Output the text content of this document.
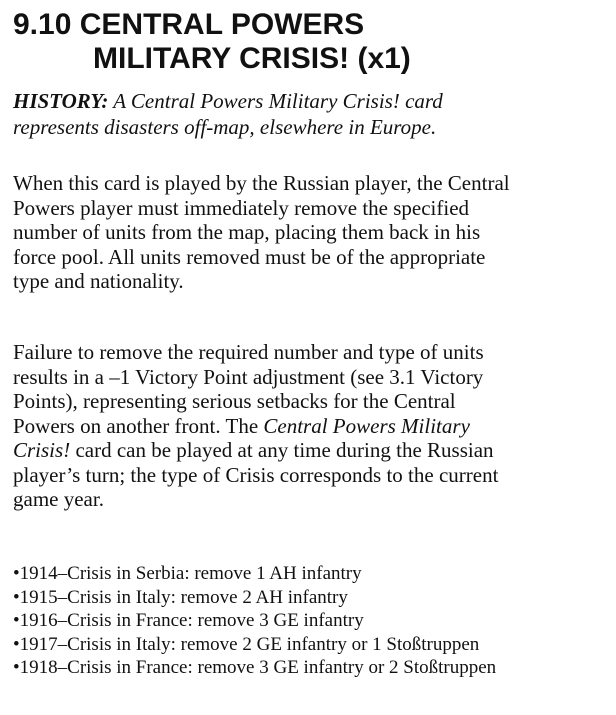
9.10 CENTRAL POWERS
MILITARY CRISIS! (x1)

HISTORY: A Central Powers Military Crisis! card
represents disasters off-map, elsewhere in Europe.

When this card is played by the Russian player, the Central
Powers player must immediately remove the specified
number of units from the map, placing them back in his
force pool. All units removed must be of the appropriate
type and nationality.

Failure to remove the required number and type of units
results in a –1 Victory Point adjustment (see 3.1 Victory
Points), representing serious setbacks for the Central
Powers on another front. The Central Powers Military
Crisis! card can be played at any time during the Russian
player’s turn; the type of Crisis corresponds to the current
game year.

•1914–Crisis in Serbia: remove 1 AH infantry
•1915–Crisis in Italy: remove 2 AH infantry
•1916–Crisis in France: remove 3 GE infantry
•1917–Crisis in Italy: remove 2 GE infantry or 1 Stoßtruppen
•1918–Crisis in France: remove 3 GE infantry or 2 Stoßtruppen
